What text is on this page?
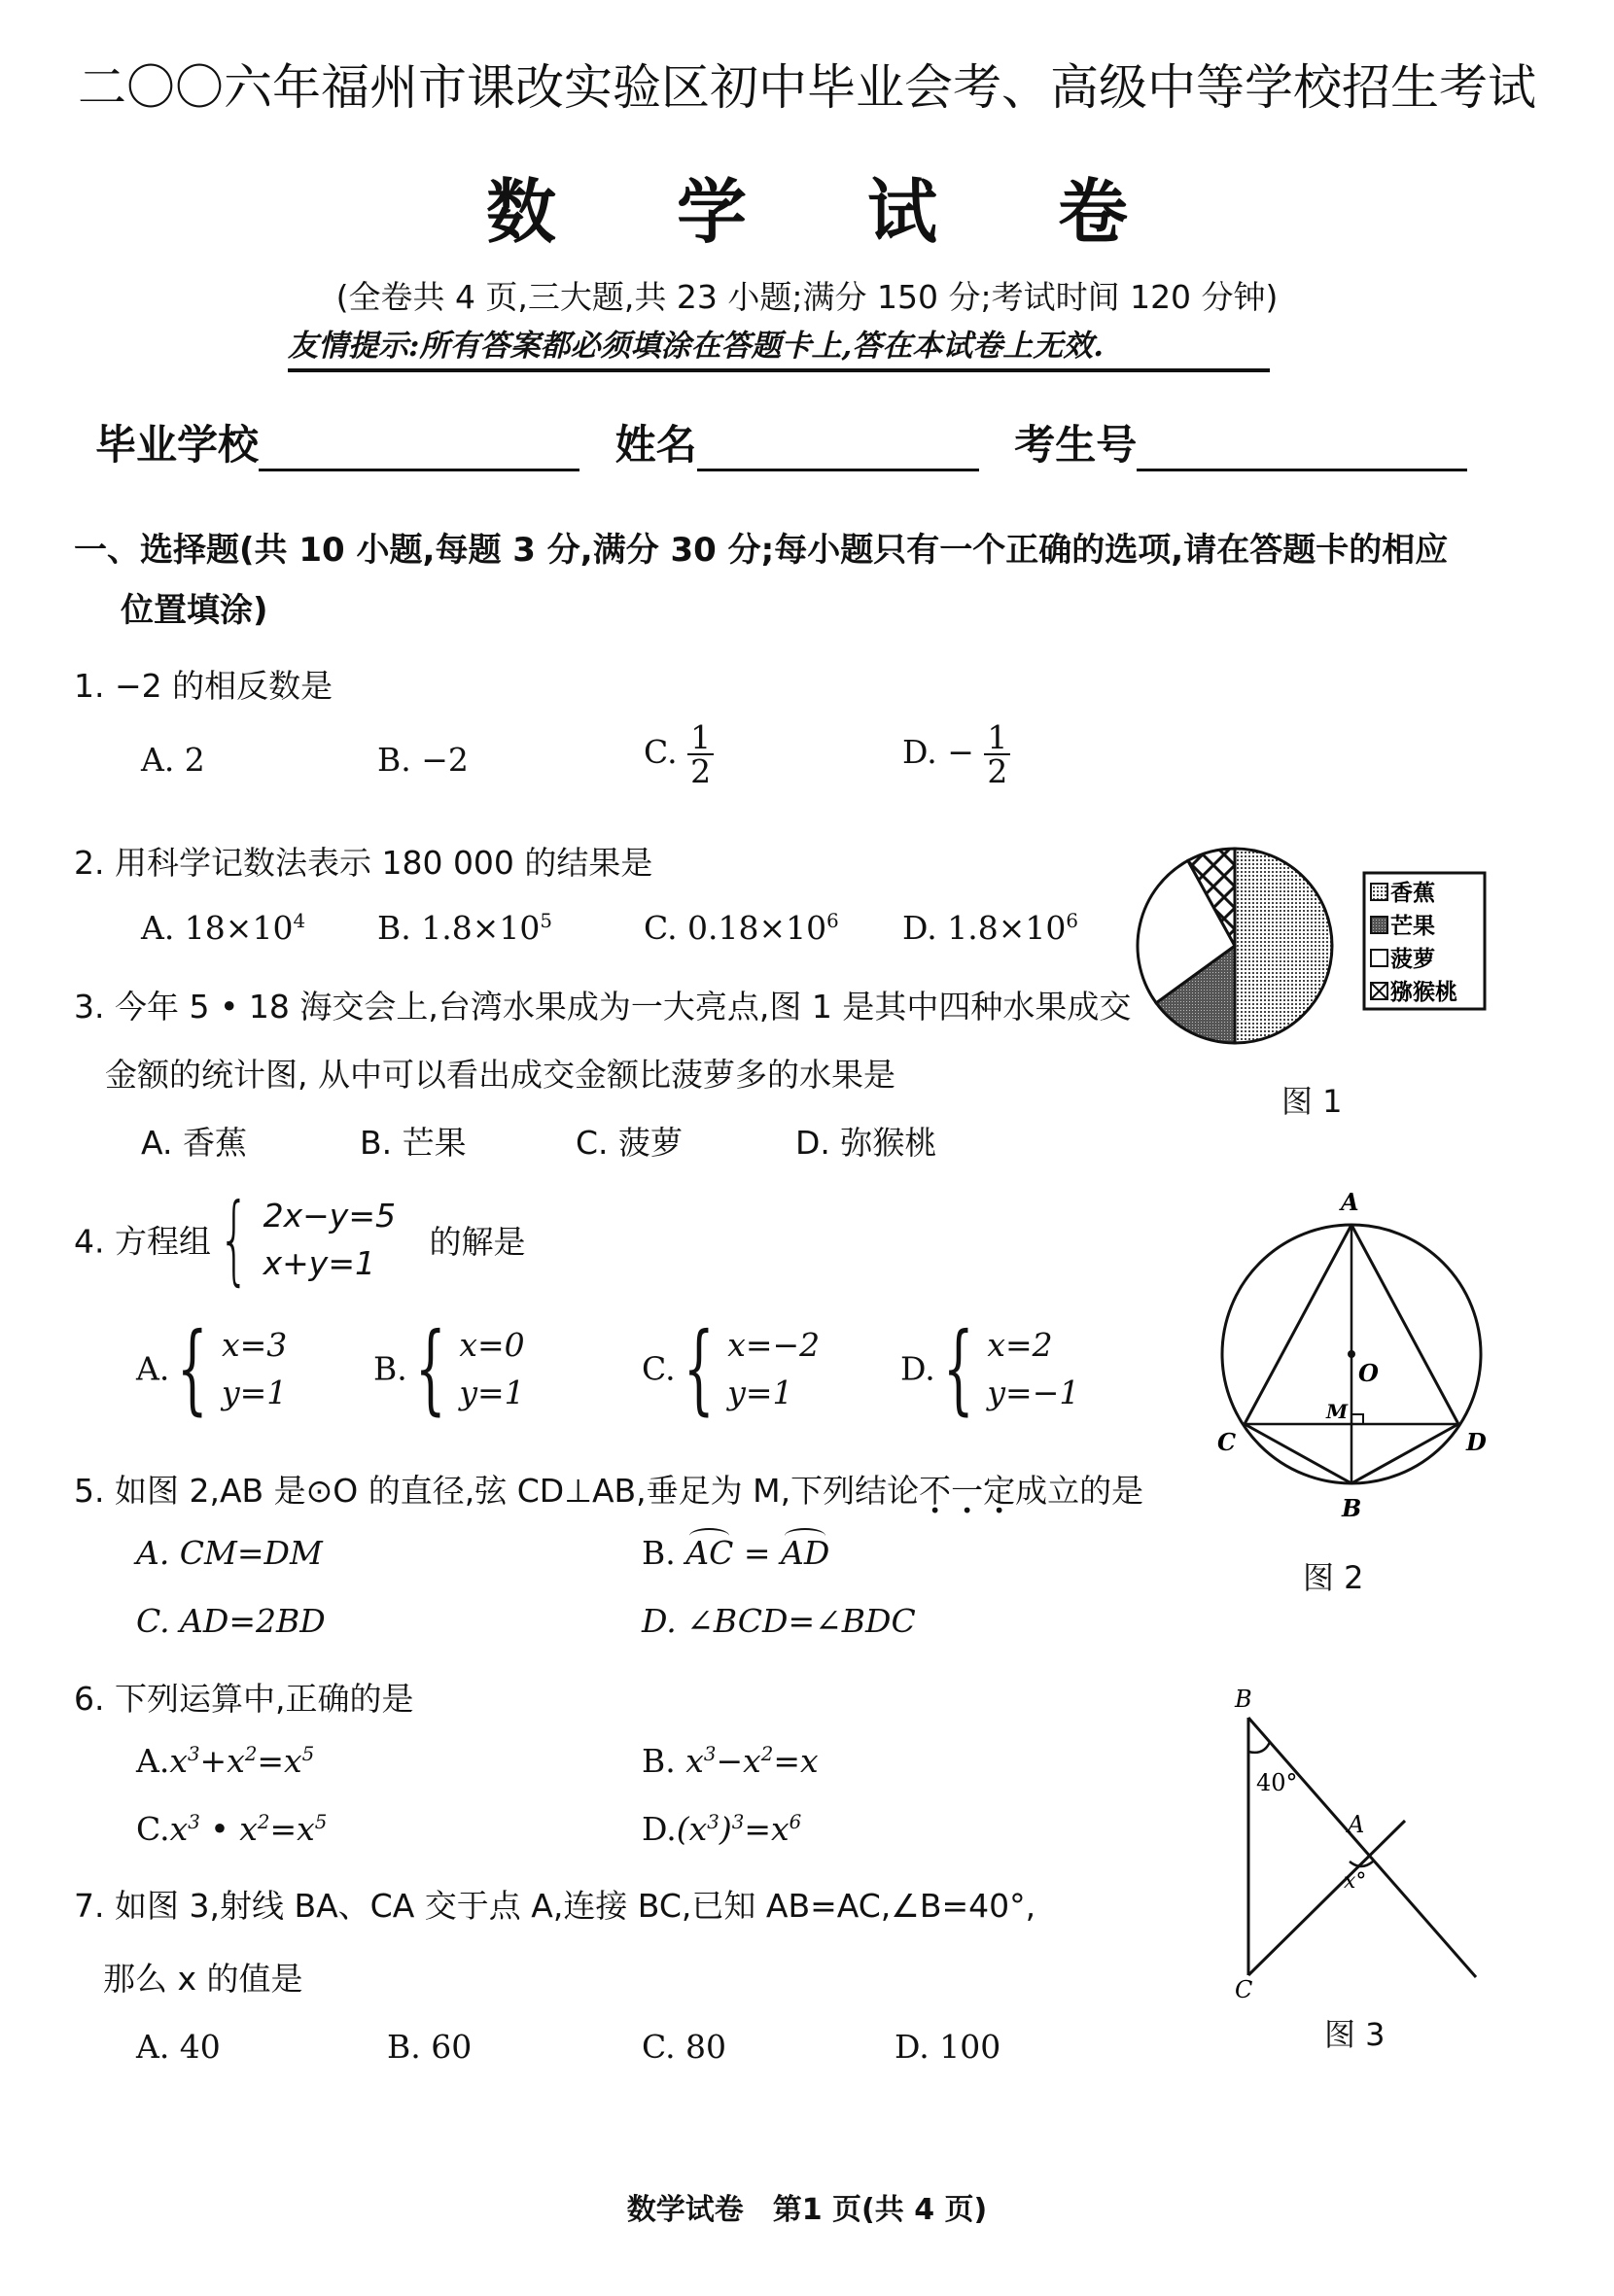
二〇〇六年福州市课改实验区初中毕业会考、高级中等学校招生考试
数 学 试 卷
(全卷共 4 页,三大题,共 23 小题;满分 150 分;考试时间 120 分钟)
友情提示:所有答案都必须填涂在答题卡上,答在本试卷上无效.
毕业学校	姓名	考生号
一、选择题(共 10 小题,每题 3 分,满分 30 分;每小题只有一个正确的选项,请在答题卡的相应
位置填涂)
1. −2 的相反数是
A. 2	B. −2	C. $\frac{1}{2}$	D. − $\frac{1}{2}$
2. 用科学记数法表示 180 000 的结果是
A. $18\times 10^4$ B. $1.8\times 10^5$	C. $0.18\times 10^6$ D. $1.8\times 10^6$
3. 今年 5 • 18 海交会上,台湾水果成为一大亮点,图 1 是其中四种水果成交
金额的统计图, 从中可以看出成交金额比菠萝多的水果是
A. 香蕉	B. 芒果	C. 菠萝	D. 弥猴桃
香蕉
芒果
菠萝
猕猴桃
图 1
4. 方程组{ 2x−y=5
x+y=1
的解是
A.{ x=3
y=1
B.{ x=0
y=1
C.{ x=−2
y=1
D.{ x=2
y=−1
5. 如图 2,AB 是⊙O 的直径,弦 CD⊥AB,垂足为 M,下列结论不一定成立的是
A. CM=DM	B. AC = AD
C. AD=2BD	D. ∠BCD=∠BDC
A
B
C	D
O
M
图 2
6. 下列运算中,正确的是
$A.x^3+x^2=x^5$	B. $x^3-x^2=x$
$C.x^3$ • $x^2=x^5$	$D.(x^3)^3=x^6$
7. 如图 3,射线 BA、CA 交于点 A,连接 BC,已知 AB=AC,∠B=40°,
那么 x 的值是
A. 40	B. 60	C. 80	D. 100
B
C
A
40°
x°
图 3
数学试卷　第1 页(共 4 页)
